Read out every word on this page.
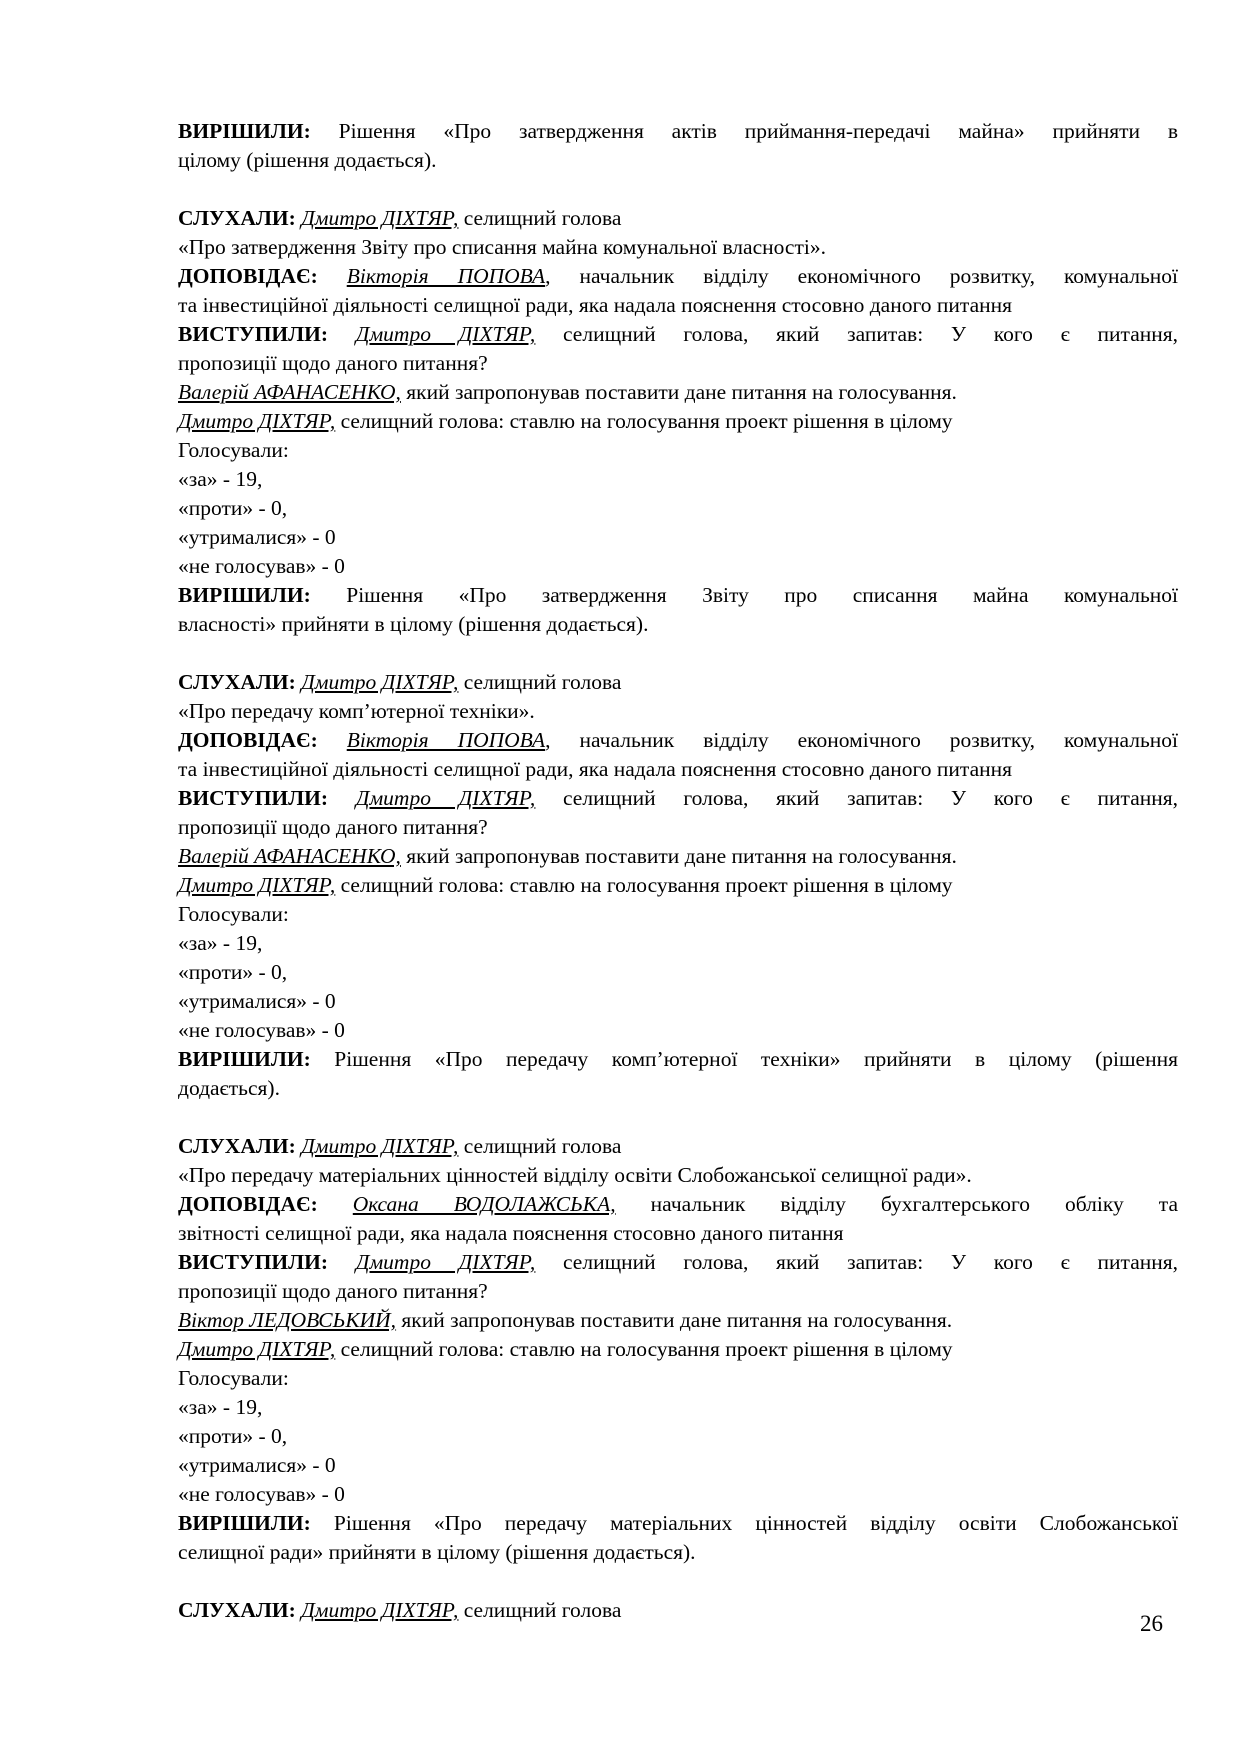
ВИРІШИЛИ: Рішення «Про затвердження актів приймання-передачі майна» прийняти в
цілому (рішення додається).
СЛУХАЛИ: Дмитро ДІХТЯР, селищний голова
«Про затвердження Звіту про списання майна комунальної власності».
ДОПОВІДАЄ: Вікторія ПОПОВА, начальник відділу економічного розвитку, комунальної
та інвестиційної діяльності селищної ради, яка надала пояснення стосовно даного питання
ВИСТУПИЛИ: Дмитро ДІХТЯР, селищний голова, який запитав: У кого є питання,
пропозиції щодо даного питання?
Валерій АФАНАСЕНКО, який запропонував поставити дане питання на голосування.
Дмитро ДІХТЯР, селищний голова: ставлю на голосування проект рішення в цілому
Голосували:
«за» - 19,
«проти» - 0,
«утрималися» - 0
«не голосував» - 0
ВИРІШИЛИ: Рішення «Про затвердження Звіту про списання майна комунальної
власності» прийняти в цілому (рішення додається).
СЛУХАЛИ: Дмитро ДІХТЯР, селищний голова
«Про передачу комп’ютерної техніки».
ДОПОВІДАЄ: Вікторія ПОПОВА, начальник відділу економічного розвитку, комунальної
та інвестиційної діяльності селищної ради, яка надала пояснення стосовно даного питання
ВИСТУПИЛИ: Дмитро ДІХТЯР, селищний голова, який запитав: У кого є питання,
пропозиції щодо даного питання?
Валерій АФАНАСЕНКО, який запропонував поставити дане питання на голосування.
Дмитро ДІХТЯР, селищний голова: ставлю на голосування проект рішення в цілому
Голосували:
«за» - 19,
«проти» - 0,
«утрималися» - 0
«не голосував» - 0
ВИРІШИЛИ: Рішення «Про передачу комп’ютерної техніки» прийняти в цілому (рішення
додається).
СЛУХАЛИ: Дмитро ДІХТЯР, селищний голова
«Про передачу матеріальних цінностей відділу освіти Слобожанської селищної ради».
ДОПОВІДАЄ: Оксана ВОДОЛАЖСЬКА, начальник відділу бухгалтерського обліку та
звітності селищної ради, яка надала пояснення стосовно даного питання
ВИСТУПИЛИ: Дмитро ДІХТЯР, селищний голова, який запитав: У кого є питання,
пропозиції щодо даного питання?
Віктор ЛЕДОВСЬКИЙ, який запропонував поставити дане питання на голосування.
Дмитро ДІХТЯР, селищний голова: ставлю на голосування проект рішення в цілому
Голосували:
«за» - 19,
«проти» - 0,
«утрималися» - 0
«не голосував» - 0
ВИРІШИЛИ: Рішення «Про передачу матеріальних цінностей відділу освіти Слобожанської
селищної ради» прийняти в цілому (рішення додається).
СЛУХАЛИ: Дмитро ДІХТЯР, селищний голова
26
